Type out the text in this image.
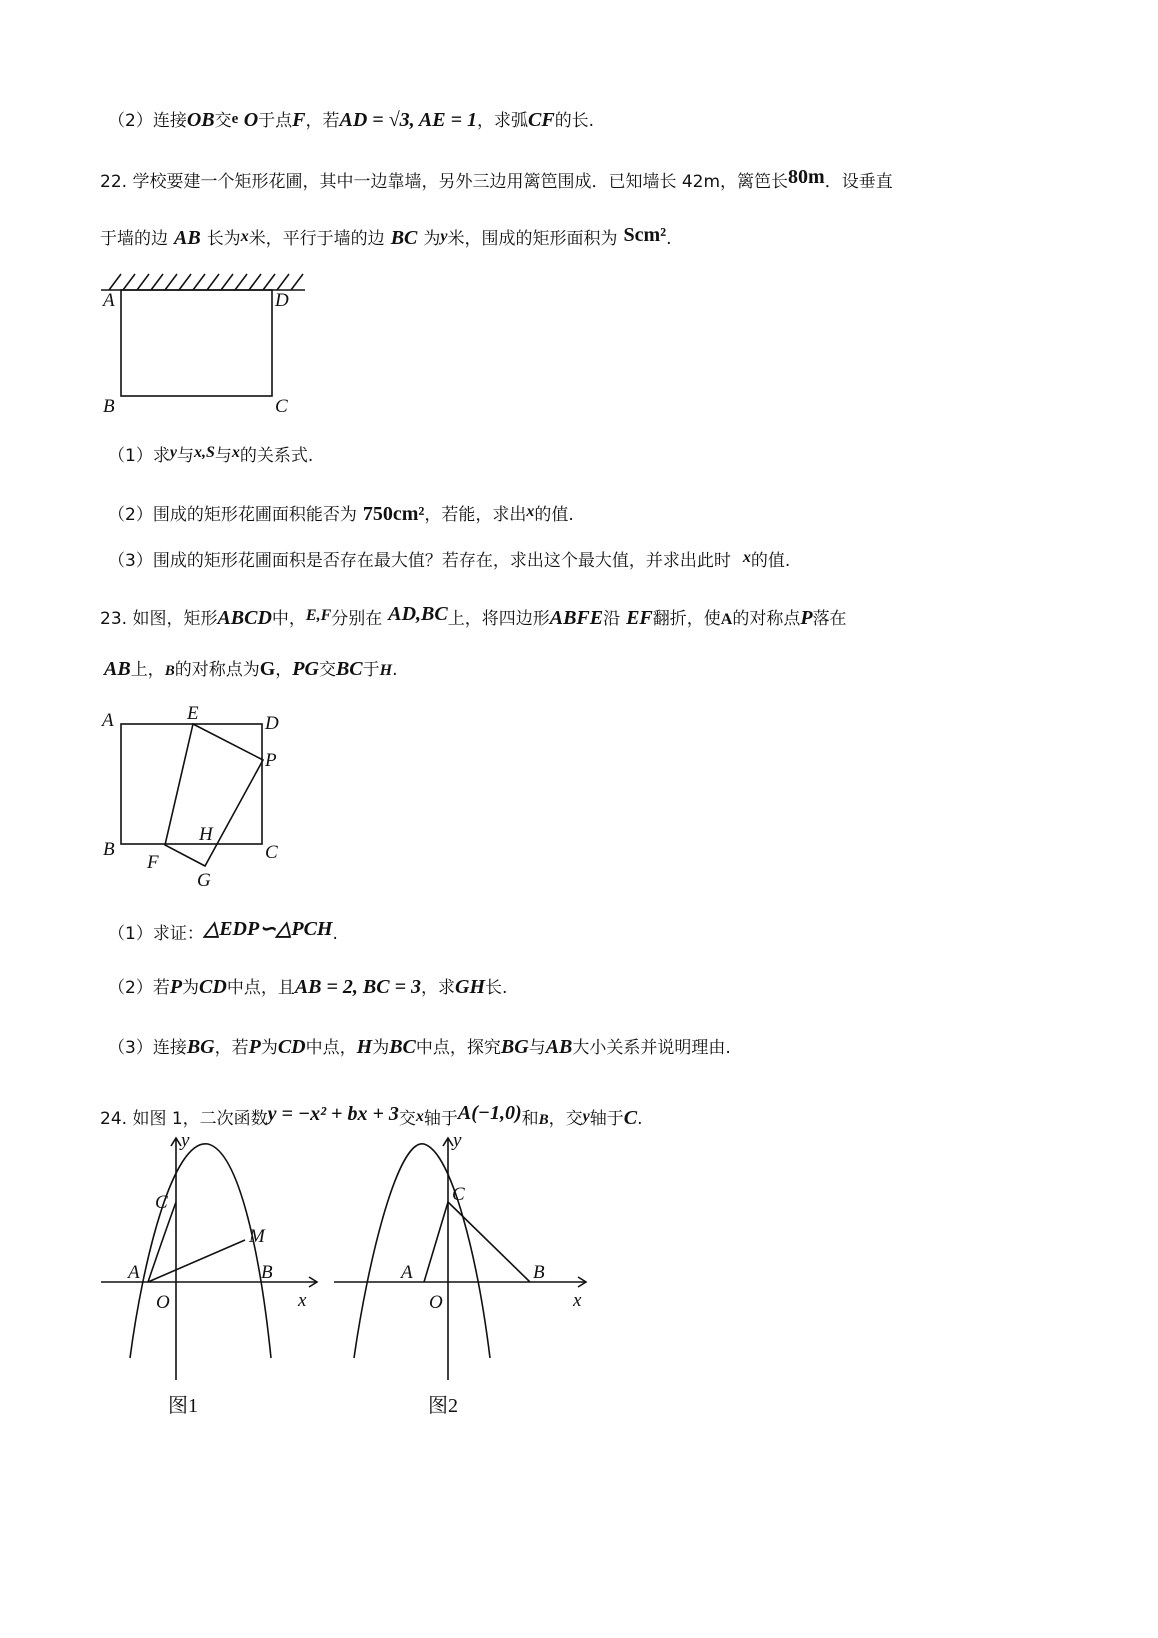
（2）连接OB交e O于点F，若AD = √3, AE = 1，求弧CF的长.
22. 学校要建一个矩形花圃，其中一边靠墙，另外三边用篱笆围成．已知墙长 42m，篱笆长80m．设垂直
于墙的边 AB 长为x米，平行于墙的边 BC 为y米，围成的矩形面积为 Scm².
A	D
B	C
（1）求y与x,S与x的关系式.
（2）围成的矩形花圃面积能否为 750cm²，若能，求出x的值.
（3）围成的矩形花圃面积是否存在最大值？若存在，求出这个最大值，并求出此时 x的值.
23. 如图，矩形ABCD中，E,F分别在 AD,BC上，将四边形ABFE沿 EF翻折，使A的对称点P落在
AB上，B的对称点为G，PG交BC于H.
A	E	D
P
H
B
F	C
G
（1）求证：△EDP∽△PCH.
（2）若P为CD中点，且AB = 2, BC = 3，求GH长.
（3）连接BG，若P为CD中点，H为BC中点，探究BG与AB大小关系并说明理由.
24. 如图 1，二次函数y = −x² + bx + 3交x轴于A(−1,0)和B，交y轴于C.
y
C
M
A	B
O	x
图1
y
C
A	B
O	x
图2
